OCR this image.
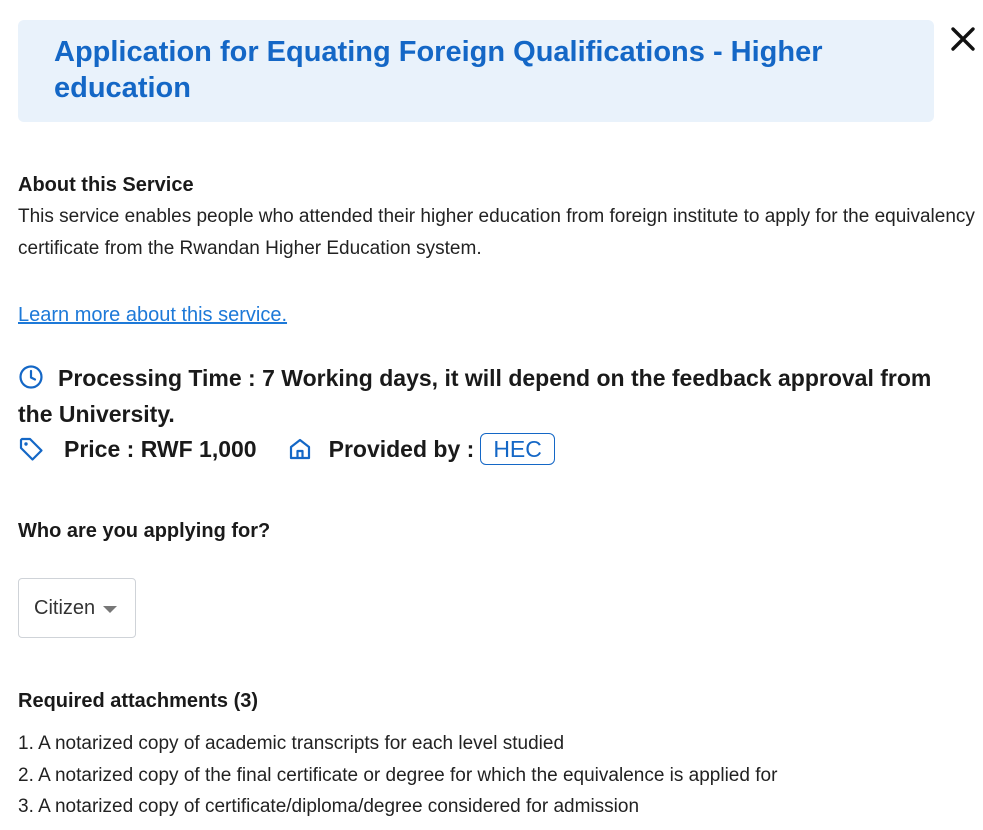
Application for Equating Foreign Qualifications - Higher education
About this Service

This service enables people who attended their higher education from foreign institute to apply for the equivalency certificate from the Rwandan Higher Education system.

Learn more about this service.
Processing Time : 7 Working days, it will depend on the feedback approval from the University.
Price : RWF 1,000	Provided by : HEC
Who are you applying for?
Citizen
Required attachments (3)
1. A notarized copy of academic transcripts for each level studied
2. A notarized copy of the final certificate or degree for which the equivalence is applied for
3. A notarized copy of certificate/diploma/degree considered for admission
